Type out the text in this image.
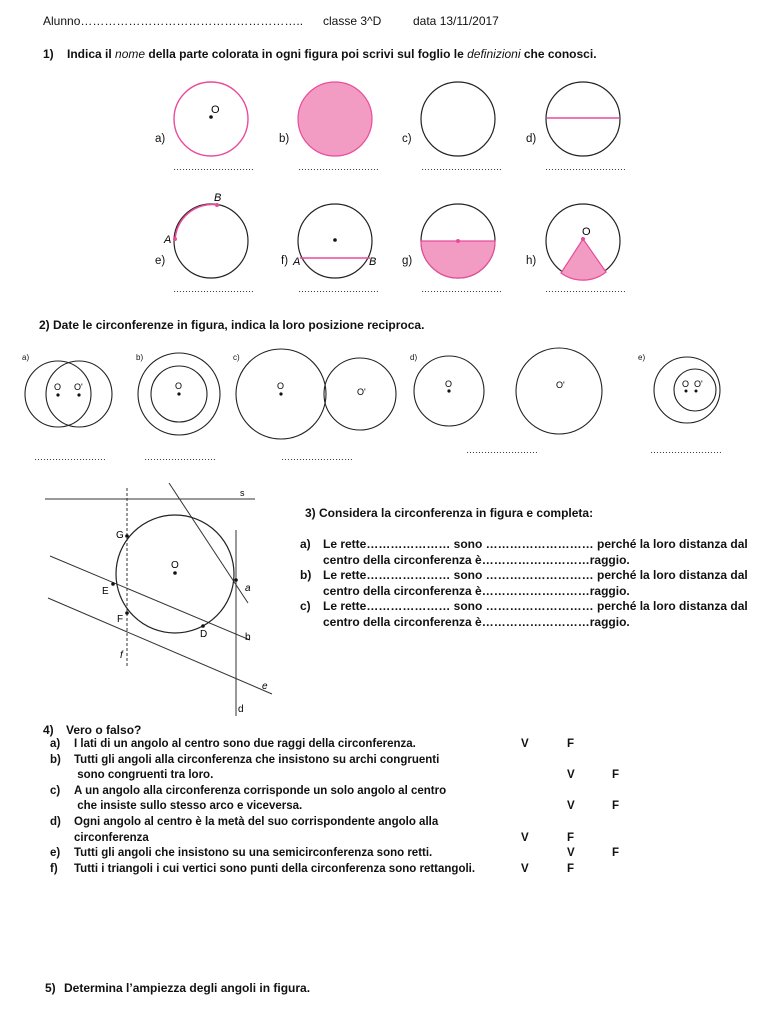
Alunno……………………………………………….. classe 3^D	data 13/11/2017
1) Indica il nome della parte colorata in ogni figura poi scrivi sul foglio le definizioni che conosci.
O
A
B
A	B
O
O O'	O	O
O'
O	O'	O O'
s
G
O
E
F
D
a
b
e
f
d
a)	b)	c)	d)
e)	f)	g)	h)
………………………	………………………	………………………	………………………
………………………	………………………	………………………	………………………
2) Date le circonferenze in figura, indica la loro posizione reciproca.
a)	b)	c)	d)	e)
……………………	……………………	……………………
……………………	……………………
3) Considera la circonferenza in figura e completa:
a) Le rette………………… sono ……………………… perché la loro distanza dal
centro della circonferenza è………………………raggio.
b) Le rette………………… sono ……………………… perché la loro distanza dal
centro della circonferenza è………………………raggio.
c) Le rette………………… sono ……………………… perché la loro distanza dal
centro della circonferenza è………………………raggio.
4) Vero o falso?
a) I lati di un angolo al centro sono due raggi della circonferenza.	V	F
b) Tutti gli angoli alla circonferenza che insistono su archi congruenti
sono congruenti tra loro.	V	F
c) A un angolo alla circonferenza corrisponde un solo angolo al centro
che insiste sullo stesso arco e viceversa.	V	F
d) Ogni angolo al centro è la metà del suo corrispondente angolo alla
circonferenza	V	F
e) Tutti gli angoli che insistono su una semicirconferenza sono retti.	V	F
f) Tutti i triangoli i cui vertici sono punti della circonferenza sono rettangoli.	V	F
5) Determina l’ampiezza degli angoli in figura.
